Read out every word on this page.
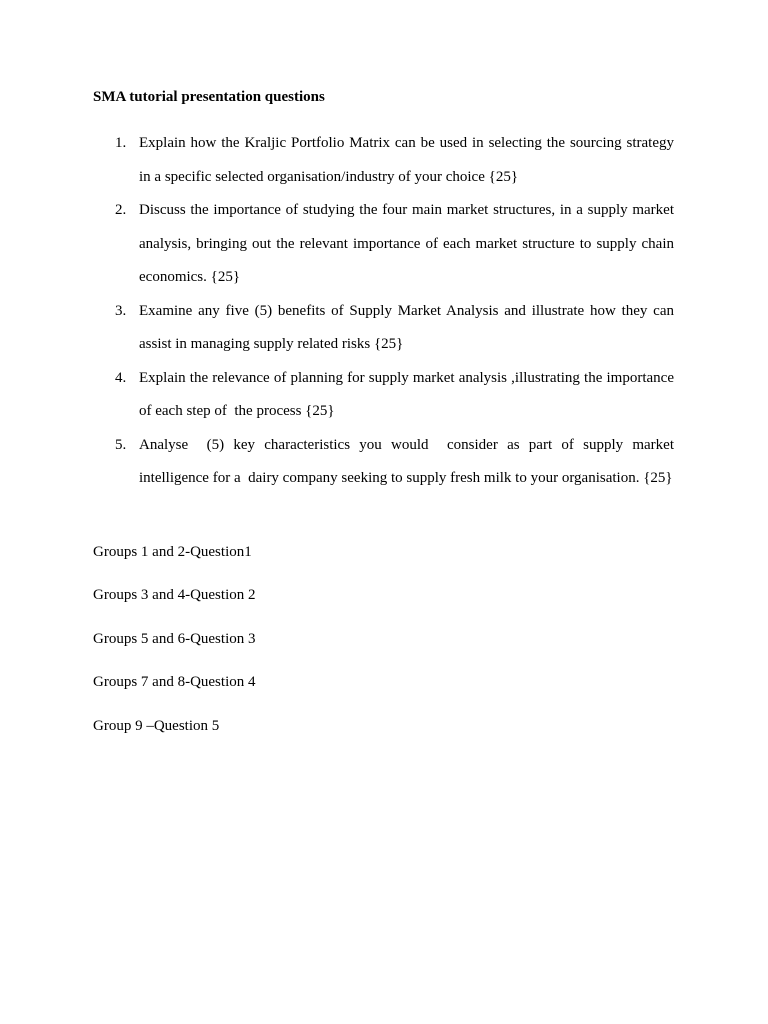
SMA tutorial presentation questions
1. Explain how the Kraljic Portfolio Matrix can be used in selecting the sourcing strategy in a specific selected organisation/industry of your choice {25}
2. Discuss the importance of studying the four main market structures, in a supply market analysis, bringing out the relevant importance of each market structure to supply chain economics. {25}
3. Examine any five (5) benefits of Supply Market Analysis and illustrate how they can assist in managing supply related risks {25}
4. Explain the relevance of planning for supply market analysis ,illustrating the importance of each step of  the process {25}
5. Analyse  (5) key characteristics you would  consider as part of supply market intelligence for a  dairy company seeking to supply fresh milk to your organisation. {25}
Groups 1 and 2-Question1
Groups 3 and 4-Question 2
Groups 5 and 6-Question 3
Groups 7 and 8-Question 4
Group 9 –Question 5
